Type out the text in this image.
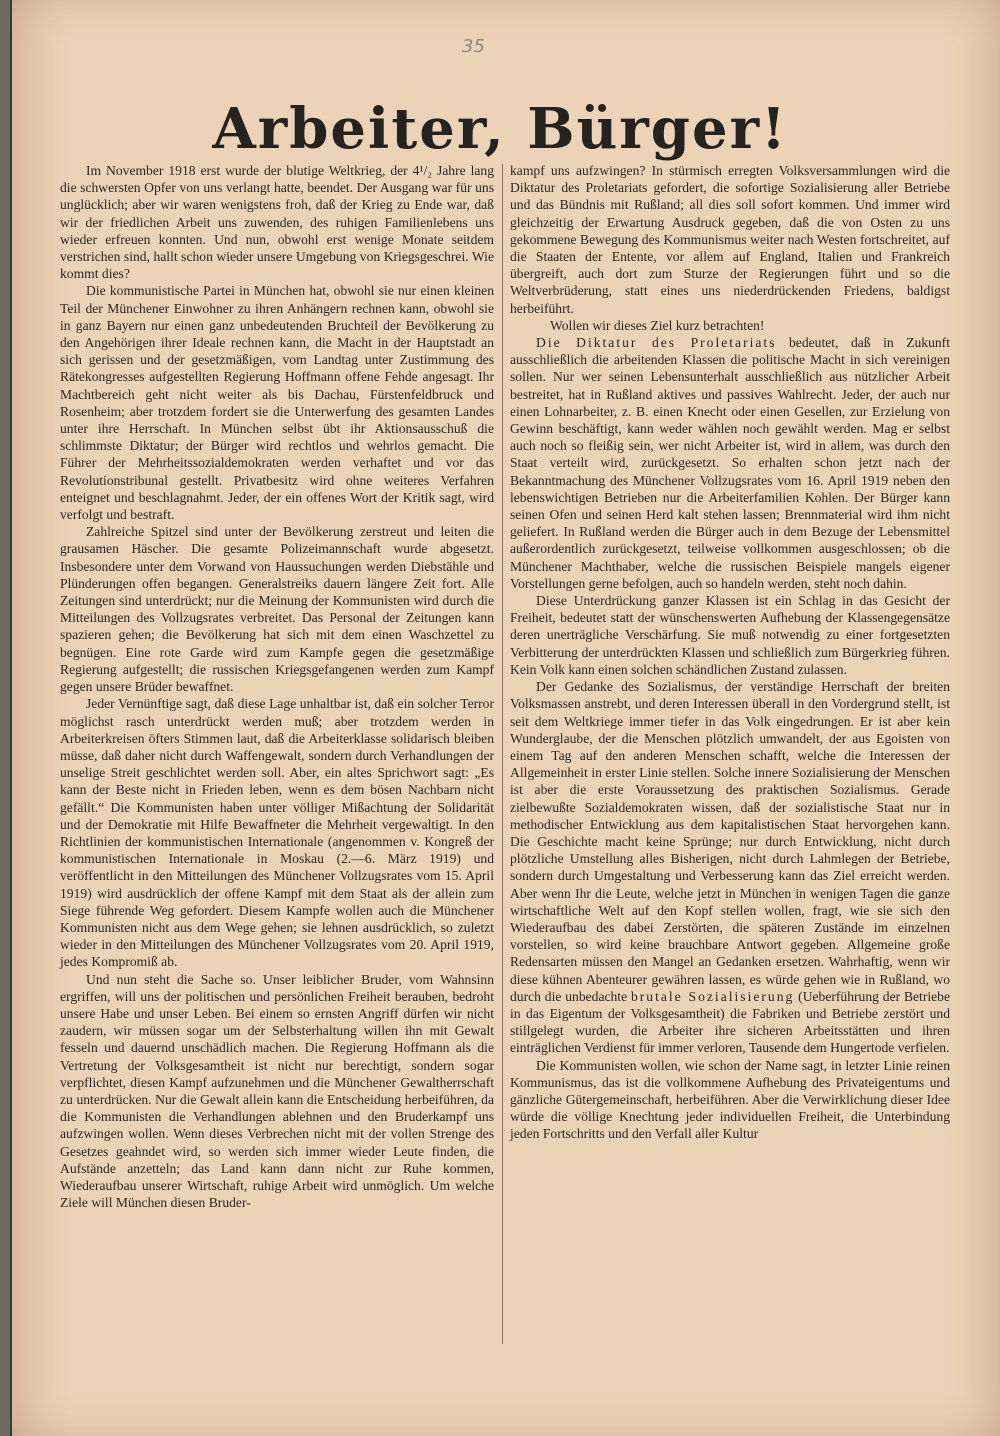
35
Arbeiter, Bürger!

Im November 1918 erst wurde der blutige Weltkrieg, der 4¹/₂ Jahre lang die schwersten Opfer von uns verlangt hatte, beendet. Der Ausgang war für uns unglücklich; aber wir waren wenigstens froh, daß der Krieg zu Ende war, daß wir der friedlichen Arbeit uns zuwenden, des ruhigen Familienlebens uns wieder erfreuen konnten. Und nun, obwohl erst wenige Monate seitdem verstrichen sind, hallt schon wieder unsere Umgebung von Kriegsgeschrei. Wie kommt dies?

Die kommunistische Partei in München hat, obwohl sie nur einen kleinen Teil der Münchener Einwohner zu ihren Anhängern rechnen kann, obwohl sie in ganz Bayern nur einen ganz unbedeutenden Bruchteil der Bevölkerung zu den Angehörigen ihrer Ideale rechnen kann, die Macht in der Hauptstadt an sich gerissen und der gesetzmäßigen, vom Landtag unter Zustimmung des Rätekongresses aufgestellten Regierung Hoffmann offene Fehde angesagt. Ihr Machtbereich geht nicht weiter als bis Dachau, Fürstenfeldbruck und Rosenheim; aber trotzdem fordert sie die Unterwerfung des gesamten Landes unter ihre Herrschaft. In München selbst übt ihr Aktionsausschuß die schlimmste Diktatur; der Bürger wird rechtlos und wehrlos gemacht. Die Führer der Mehrheitssozialdemokraten werden verhaftet und vor das Revolutionstribunal gestellt. Privatbesitz wird ohne weiteres Verfahren enteignet und beschlagnahmt. Jeder, der ein offenes Wort der Kritik sagt, wird verfolgt und bestraft.

Zahlreiche Spitzel sind unter der Bevölkerung zerstreut und leiten die grausamen Häscher. Die gesamte Polizeimannschaft wurde abgesetzt. Insbesondere unter dem Vorwand von Haussuchungen werden Diebstähle und Plünderungen offen begangen. Generalstreiks dauern längere Zeit fort. Alle Zeitungen sind unterdrückt; nur die Meinung der Kommunisten wird durch die Mitteilungen des Vollzugsrates verbreitet. Das Personal der Zeitungen kann spazieren gehen; die Bevölkerung hat sich mit dem einen Waschzettel zu begnügen. Eine rote Garde wird zum Kampfe gegen die gesetzmäßige Regierung aufgestellt; die russischen Kriegsgefangenen werden zum Kampf gegen unsere Brüder bewaffnet.

Jeder Vernünftige sagt, daß diese Lage unhaltbar ist, daß ein solcher Terror möglichst rasch unterdrückt werden muß; aber trotzdem werden in Arbeiterkreisen öfters Stimmen laut, daß die Arbeiterklasse solidarisch bleiben müsse, daß daher nicht durch Waffengewalt, sondern durch Verhandlungen der unselige Streit geschlichtet werden soll. Aber, ein altes Sprichwort sagt: „Es kann der Beste nicht in Frieden leben, wenn es dem bösen Nachbarn nicht gefällt.“ Die Kommunisten haben unter völliger Mißachtung der Solidarität und der Demokratie mit Hilfe Bewaffneter die Mehrheit vergewaltigt. In den Richtlinien der kommunistischen Internationale (angenommen v. Kongreß der kommunistischen Internationale in Moskau (2.—6. März 1919) und veröffentlicht in den Mitteilungen des Münchener Vollzugsrates vom 15. April 1919) wird ausdrücklich der offene Kampf mit dem Staat als der allein zum Siege führende Weg gefordert. Diesem Kampfe wollen auch die Münchener Kommunisten nicht aus dem Wege gehen; sie lehnen ausdrücklich, so zuletzt wieder in den Mitteilungen des Münchener Vollzugsrates vom 20. April 1919, jedes Kompromiß ab.

Und nun steht die Sache so. Unser leiblicher Bruder, vom Wahnsinn ergriffen, will uns der politischen und persönlichen Freiheit berauben, bedroht unsere Habe und unser Leben. Bei einem so ernsten Angriff dürfen wir nicht zaudern, wir müssen sogar um der Selbsterhaltung willen ihn mit Gewalt fesseln und dauernd unschädlich machen. Die Regierung Hoffmann als die Vertretung der Volksgesamtheit ist nicht nur berechtigt, sondern sogar verpflichtet, diesen Kampf aufzunehmen und die Münchener Gewaltherrschaft zu unterdrücken. Nur die Gewalt allein kann die Entscheidung herbeiführen, da die Kommunisten die Verhandlungen ablehnen und den Bruderkampf uns aufzwingen wollen. Wenn dieses Verbrechen nicht mit der vollen Strenge des Gesetzes geahndet wird, so werden sich immer wieder Leute finden, die Aufstände anzetteln; das Land kann dann nicht zur Ruhe kommen, Wiederaufbau unserer Wirtschaft, ruhige Arbeit wird unmöglich. Um welche Ziele will München diesen Bruder-

kampf uns aufzwingen? In stürmisch erregten Volksversammlungen wird die Diktatur des Proletariats gefordert, die sofortige Sozialisierung aller Betriebe und das Bündnis mit Rußland; all dies soll sofort kommen. Und immer wird gleichzeitig der Erwartung Ausdruck gegeben, daß die von Osten zu uns gekommene Bewegung des Kommunismus weiter nach Westen fortschreitet, auf die Staaten der Entente, vor allem auf England, Italien und Frankreich übergreift, auch dort zum Sturze der Regierungen führt und so die Weltverbrüderung, statt eines uns niederdrückenden Friedens, baldigst herbeiführt.

Wollen wir dieses Ziel kurz betrachten!

Die Diktatur des Proletariats bedeutet, daß in Zukunft ausschließlich die arbeitenden Klassen die politische Macht in sich vereinigen sollen. Nur wer seinen Lebensunterhalt ausschließlich aus nützlicher Arbeit bestreitet, hat in Rußland aktives und passives Wahlrecht. Jeder, der auch nur einen Lohnarbeiter, z. B. einen Knecht oder einen Gesellen, zur Erzielung von Gewinn beschäftigt, kann weder wählen noch gewählt werden. Mag er selbst auch noch so fleißig sein, wer nicht Arbeiter ist, wird in allem, was durch den Staat verteilt wird, zurückgesetzt. So erhalten schon jetzt nach der Bekanntmachung des Münchener Vollzugsrates vom 16. April 1919 neben den lebenswichtigen Betrieben nur die Arbeiterfamilien Kohlen. Der Bürger kann seinen Ofen und seinen Herd kalt stehen lassen; Brennmaterial wird ihm nicht geliefert. In Rußland werden die Bürger auch in dem Bezuge der Lebensmittel außerordentlich zurückgesetzt, teilweise vollkommen ausgeschlossen; ob die Münchener Machthaber, welche die russischen Beispiele mangels eigener Vorstellungen gerne befolgen, auch so handeln werden, steht noch dahin.

Diese Unterdrückung ganzer Klassen ist ein Schlag in das Gesicht der Freiheit, bedeutet statt der wünschenswerten Aufhebung der Klassengegensätze deren unerträgliche Verschärfung. Sie muß notwendig zu einer fortgesetzten Verbitterung der unterdrückten Klassen und schließlich zum Bürgerkrieg führen. Kein Volk kann einen solchen schändlichen Zustand zulassen.

Der Gedanke des Sozialismus, der verständige Herrschaft der breiten Volksmassen anstrebt, und deren Interessen überall in den Vordergrund stellt, ist seit dem Weltkriege immer tiefer in das Volk eingedrungen. Er ist aber kein Wunderglaube, der die Menschen plötzlich umwandelt, der aus Egoisten von einem Tag auf den anderen Menschen schafft, welche die Interessen der Allgemeinheit in erster Linie stellen. Solche innere Sozialisierung der Menschen ist aber die erste Voraussetzung des praktischen Sozialismus. Gerade zielbewußte Sozialdemokraten wissen, daß der sozialistische Staat nur in methodischer Entwicklung aus dem kapitalistischen Staat hervorgehen kann. Die Geschichte macht keine Sprünge; nur durch Entwicklung, nicht durch plötzliche Umstellung alles Bisherigen, nicht durch Lahmlegen der Betriebe, sondern durch Umgestaltung und Verbesserung kann das Ziel erreicht werden. Aber wenn Ihr die Leute, welche jetzt in München in wenigen Tagen die ganze wirtschaftliche Welt auf den Kopf stellen wollen, fragt, wie sie sich den Wiederaufbau des dabei Zerstörten, die späteren Zustände im einzelnen vorstellen, so wird keine brauchbare Antwort gegeben. Allgemeine große Redensarten müssen den Mangel an Gedanken ersetzen. Wahrhaftig, wenn wir diese kühnen Abenteurer gewähren lassen, es würde gehen wie in Rußland, wo durch die unbedachte brutale Sozialisierung (Ueberführung der Betriebe in das Eigentum der Volksgesamtheit) die Fabriken und Betriebe zerstört und stillgelegt wurden, die Arbeiter ihre sicheren Arbeitsstätten und ihren einträglichen Verdienst für immer verloren, Tausende dem Hungertode verfielen.

Die Kommunisten wollen, wie schon der Name sagt, in letzter Linie reinen Kommunismus, das ist die vollkommene Aufhebung des Privateigentums und gänzliche Gütergemeinschaft, herbeiführen. Aber die Verwirklichung dieser Idee würde die völlige Knechtung jeder individuellen Freiheit, die Unterbindung jeden Fortschritts und den Verfall aller Kultur
